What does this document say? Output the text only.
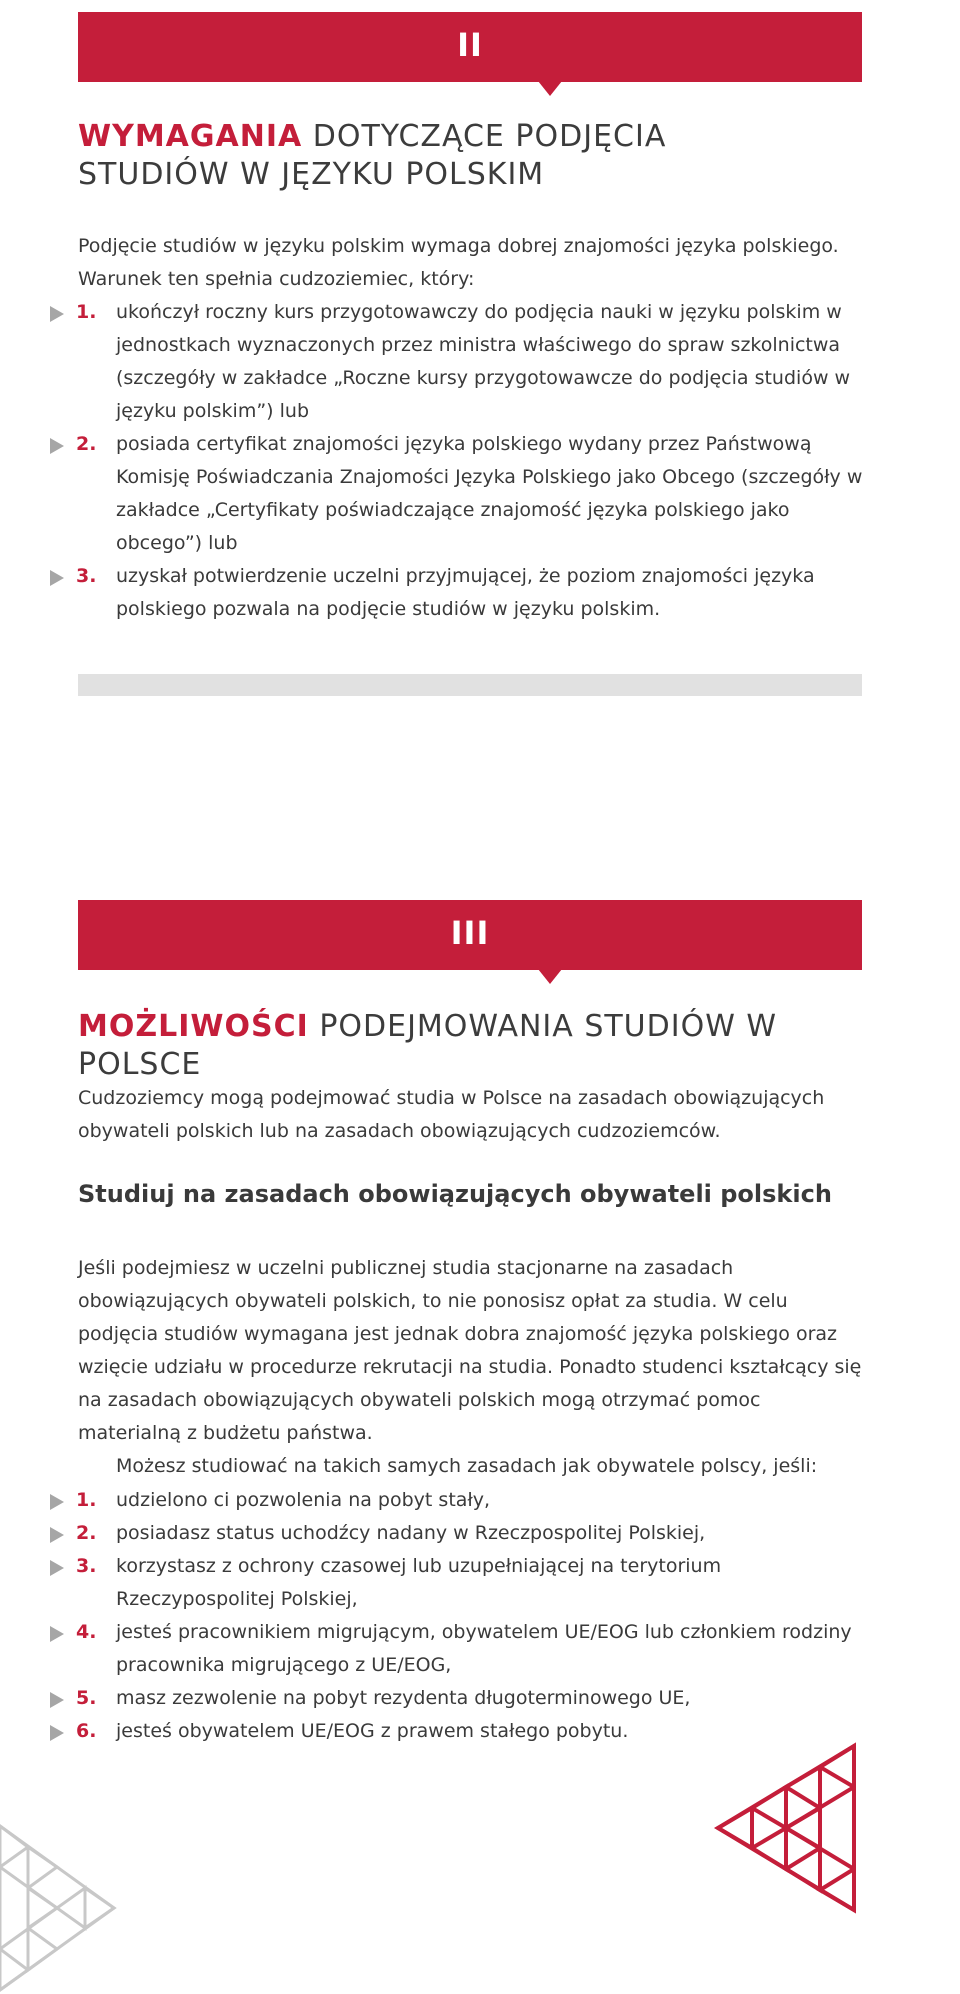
II
WYMAGANIA DOTYCZĄCE PODJĘCIA STUDIÓW W JĘZYKU POLSKIM

Podjęcie studiów w języku polskim wymaga dobrej znajomości języka polskiego. Warunek ten spełnia cudzoziemiec, który:

1. ukończył roczny kurs przygotowawczy do podjęcia nauki w języku polskim w jednostkach wyznaczonych przez ministra właściwego do spraw szkolnictwa (szczegóły w zakładce „Roczne kursy przygotowawcze do podjęcia studiów w języku polskim”) lub
2. posiada certyfikat znajomości języka polskiego wydany przez Państwową Komisję Poświadczania Znajomości Języka Polskiego jako Obcego (szczegóły w zakładce „Certyfikaty poświadczające znajomość języka polskiego jako obcego”) lub
3. uzyskał potwierdzenie uczelni przyjmującej, że poziom znajomości języka polskiego pozwala na podjęcie studiów w języku polskim.
III
MOŻLIWOŚCI PODEJMOWANIA STUDIÓW W POLSCE

Cudzoziemcy mogą podejmować studia w Polsce na zasadach obowiązujących obywateli polskich lub na zasadach obowiązujących cudzoziemców.

Studiuj na zasadach obowiązujących obywateli polskich

Jeśli podejmiesz w uczelni publicznej studia stacjonarne na zasadach obowiązujących obywateli polskich, to nie ponosisz opłat za studia. W celu podjęcia studiów wymagana jest jednak dobra znajomość języka polskiego oraz wzięcie udziału w procedurze rekrutacji na studia. Ponadto studenci kształcący się na zasadach obowiązujących obywateli polskich mogą otrzymać pomoc materialną z budżetu państwa.

Możesz studiować na takich samych zasadach jak obywatele polscy, jeśli:

1. udzielono ci pozwolenia na pobyt stały,
2. posiadasz status uchodźcy nadany w Rzeczpospolitej Polskiej,
3. korzystasz z ochrony czasowej lub uzupełniającej na terytorium Rzeczypospolitej Polskiej,
4. jesteś pracownikiem migrującym, obywatelem UE/EOG lub członkiem rodziny pracownika migrującego z UE/EOG,
5. masz zezwolenie na pobyt rezydenta długoterminowego UE,
6. jesteś obywatelem UE/EOG z prawem stałego pobytu.
